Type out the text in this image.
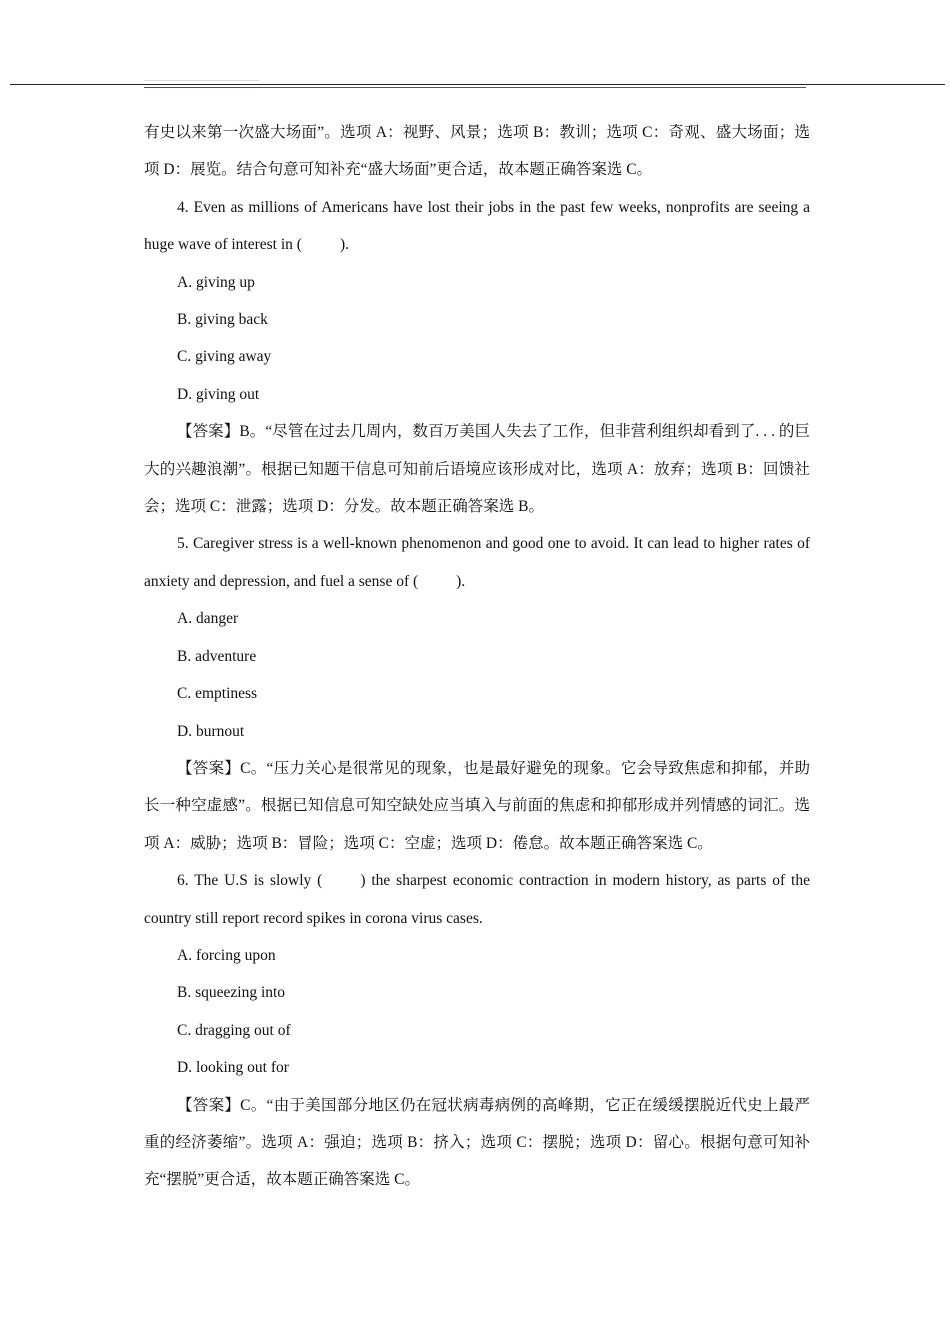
有史以来第一次盛大场面”。选项 A：视野、风景；选项 B：教训；选项 C：奇观、盛大场面；选项 D：展览。结合句意可知补充“盛大场面”更合适，故本题正确答案选 C。

4. Even as millions of Americans have lost their jobs in the past few weeks, nonprofits are seeing a huge wave of interest in ( ).

A. giving up

B. giving back

C. giving away

D. giving out

【答案】B。“尽管在过去几周内，数百万美国人失去了工作，但非营利组织却看到了. . . 的巨大的兴趣浪潮”。根据已知题干信息可知前后语境应该形成对比，选项 A：放弃；选项 B：回馈社会；选项 C：泄露；选项 D：分发。故本题正确答案选 B。

5. Caregiver stress is a well-known phenomenon and good one to avoid. It can lead to higher rates of anxiety and depression, and fuel a sense of ( ).

A. danger

B. adventure

C. emptiness

D. burnout

【答案】C。“压力关心是很常见的现象，也是最好避免的现象。它会导致焦虑和抑郁，并助长一种空虚感”。根据已知信息可知空缺处应当填入与前面的焦虑和抑郁形成并列情感的词汇。选项 A：威胁；选项 B：冒险；选项 C：空虚；选项 D：倦怠。故本题正确答案选 C。

6. The U.S is slowly ( ) the sharpest economic contraction in modern history, as parts of the country still report record spikes in corona virus cases.

A. forcing upon

B. squeezing into

C. dragging out of

D. looking out for

【答案】C。“由于美国部分地区仍在冠状病毒病例的高峰期，它正在缓缓摆脱近代史上最严重的经济萎缩”。选项 A：强迫；选项 B：挤入；选项 C：摆脱；选项 D：留心。根据句意可知补充“摆脱”更合适，故本题正确答案选 C。
